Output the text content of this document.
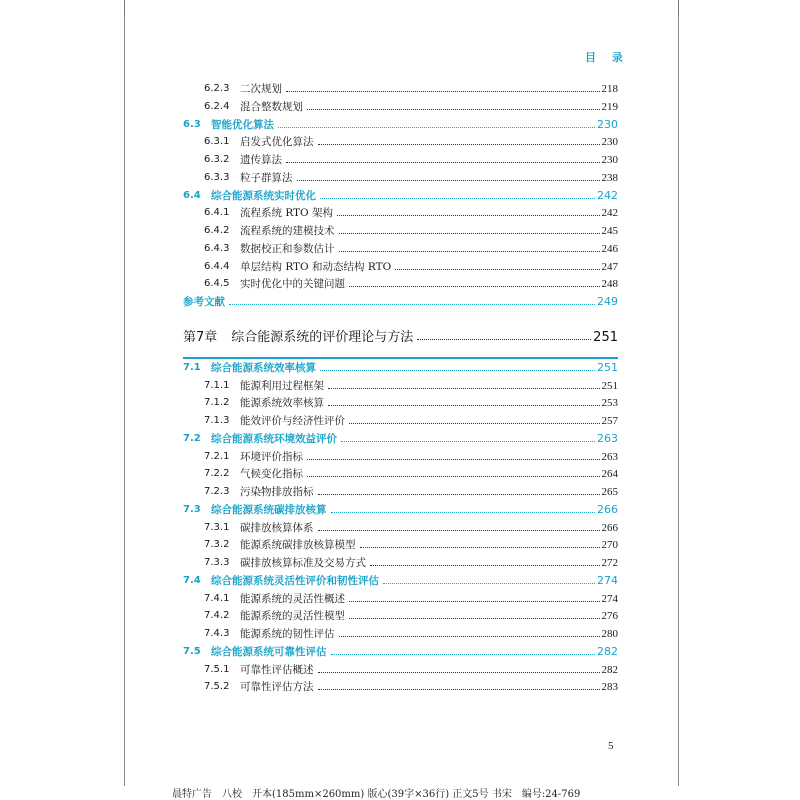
目 录
6.2.3	二次规划	218
6.2.4	混合整数规划	219
6.3 智能优化算法	230
6.3.1	启发式优化算法	230
6.3.2	遗传算法	230
6.3.3	粒子群算法	238
6.4 综合能源系统实时优化	242
6.4.1	流程系统 RTO 架构	242
6.4.2	流程系统的建模技术	245
6.4.3	数据校正和参数估计	246
6.4.4	单层结构 RTO 和动态结构 RTO	247
6.4.5	实时优化中的关键问题	248
参考文献	249
第7章 综合能源系统的评价理论与方法	251
7.1 综合能源系统效率核算	251
7.1.1	能源利用过程框架	251
7.1.2	能源系统效率核算	253
7.1.3	能效评价与经济性评价	257
7.2 综合能源系统环境效益评价	263
7.2.1	环境评价指标	263
7.2.2	气候变化指标	264
7.2.3	污染物排放指标	265
7.3 综合能源系统碳排放核算	266
7.3.1	碳排放核算体系	266
7.3.2	能源系统碳排放核算模型	270
7.3.3	碳排放核算标准及交易方式	272
7.4 综合能源系统灵活性评价和韧性评估	274
7.4.1	能源系统的灵活性概述	274
7.4.2	能源系统的灵活性模型	276
7.4.3	能源系统的韧性评估	280
7.5 综合能源系统可靠性评估	282
7.5.1	可靠性评估概述	282
7.5.2	可靠性评估方法	283
5
晨特广告　八校　开本(185mm×260mm) 版心(39字×36行) 正文5号 书宋　编号:24-769
